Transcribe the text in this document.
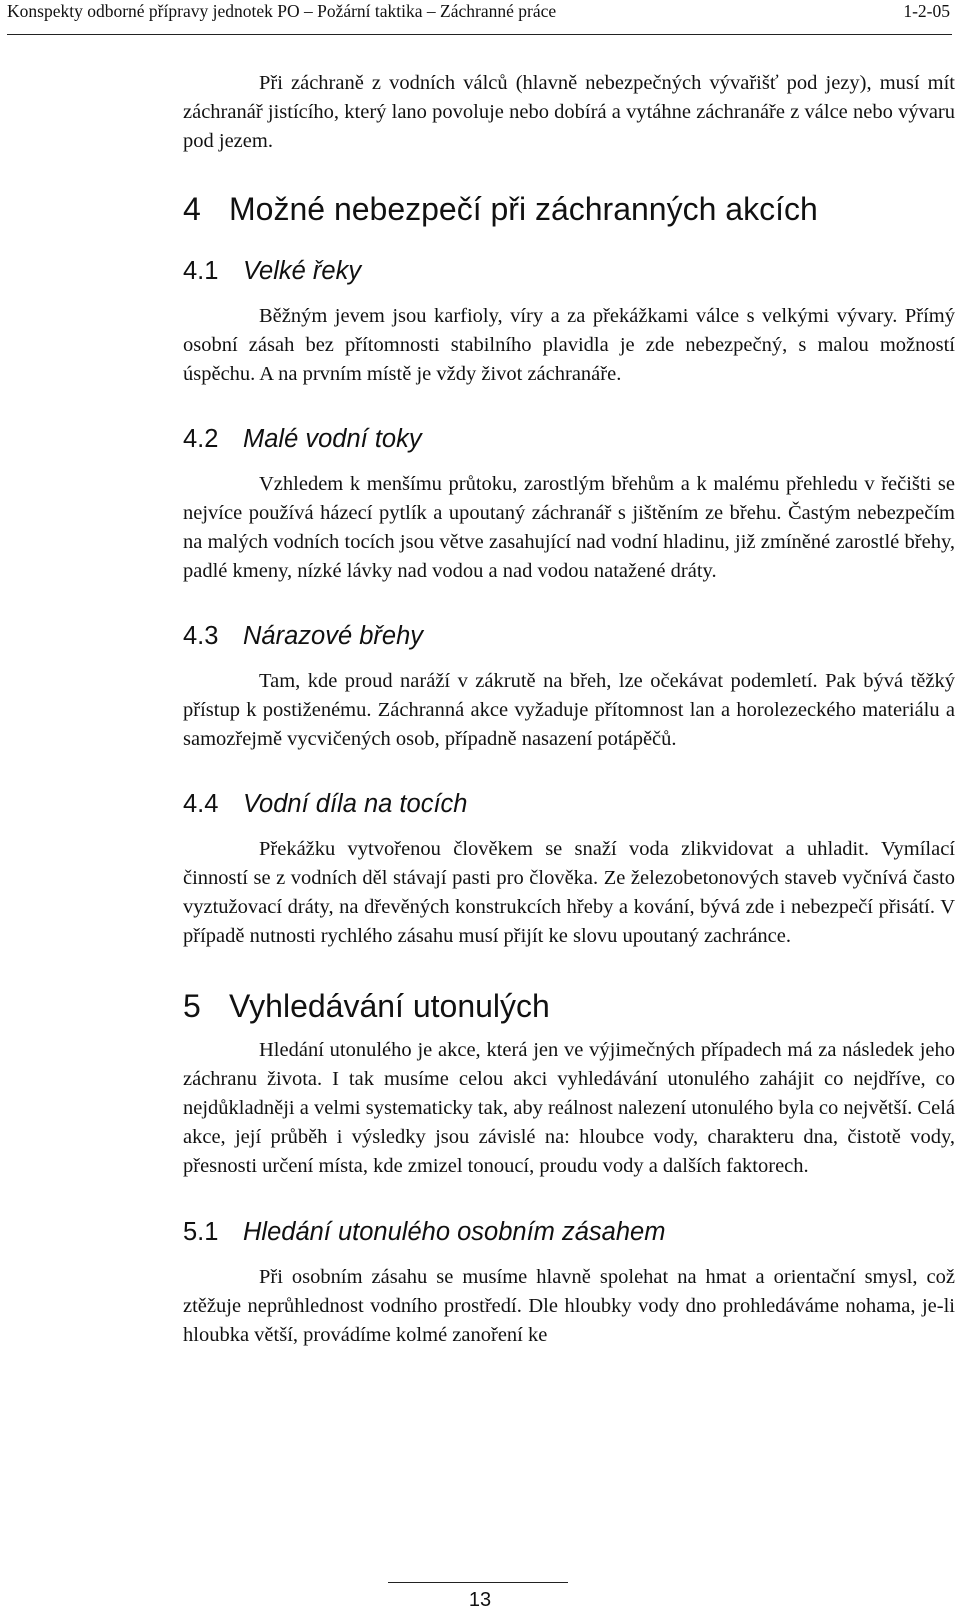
Konspekty odborné přípravy jednotek PO – Požární taktika – Záchranné práce	1-2-05

Při záchraně z vodních válců (hlavně nebezpečných vývařišť pod jezy), musí mít záchranář jistícího, který lano povoluje nebo dobírá a vytáhne záchranáře z válce nebo vývaru pod jezem.

4 Možné nebezpečí při záchranných akcích
4.1 Velké řeky

Běžným jevem jsou karfioly, víry a za překážkami válce s velkými vývary. Přímý osobní zásah bez přítomnosti stabilního plavidla je zde nebezpečný, s malou možností úspěchu. A na prvním místě je vždy život záchranáře.

4.2 Malé vodní toky

Vzhledem k menšímu průtoku, zarostlým břehům a k malému přehledu v řečišti se nejvíce používá házecí pytlík a upoutaný záchranář s jištěním ze břehu. Častým nebezpečím na malých vodních tocích jsou větve zasahující nad vodní hladinu, již zmíněné zarostlé břehy, padlé kmeny, nízké lávky nad vodou a nad vodou natažené dráty.

4.3 Nárazové břehy

Tam, kde proud naráží v zákrutě na břeh, lze očekávat podemletí. Pak bývá těžký přístup k postiženému. Záchranná akce vyžaduje přítomnost lan a horolezeckého materiálu a samozřejmě vycvičených osob, případně nasazení potápěčů.

4.4 Vodní díla na tocích

Překážku vytvořenou člověkem se snaží voda zlikvidovat a uhladit. Vymílací činností se z vodních děl stávají pasti pro člověka. Ze železobetonových staveb vyčnívá často vyztužovací dráty, na dřevěných konstrukcích hřeby a kování, bývá zde i nebezpečí přisátí. V případě nutnosti rychlého zásahu musí přijít ke slovu upoutaný zachránce.

5 Vyhledávání utonulých

Hledání utonulého je akce, která jen ve výjimečných případech má za následek jeho záchranu života. I tak musíme celou akci vyhledávání utonulého zahájit co nejdříve, co nejdůkladněji a velmi systematicky tak, aby reálnost nalezení utonulého byla co největší. Celá akce, její průběh i výsledky jsou závislé na: hloubce vody, charakteru dna, čistotě vody, přesnosti určení místa, kde zmizel tonoucí, proudu vody a dalších faktorech.

5.1 Hledání utonulého osobním zásahem

Při osobním zásahu se musíme hlavně spolehat na hmat a orientační smysl, což ztěžuje neprůhlednost vodního prostředí. Dle hloubky vody dno prohledáváme nohama, je-li hloubka větší, provádíme kolmé zanoření ke

13
